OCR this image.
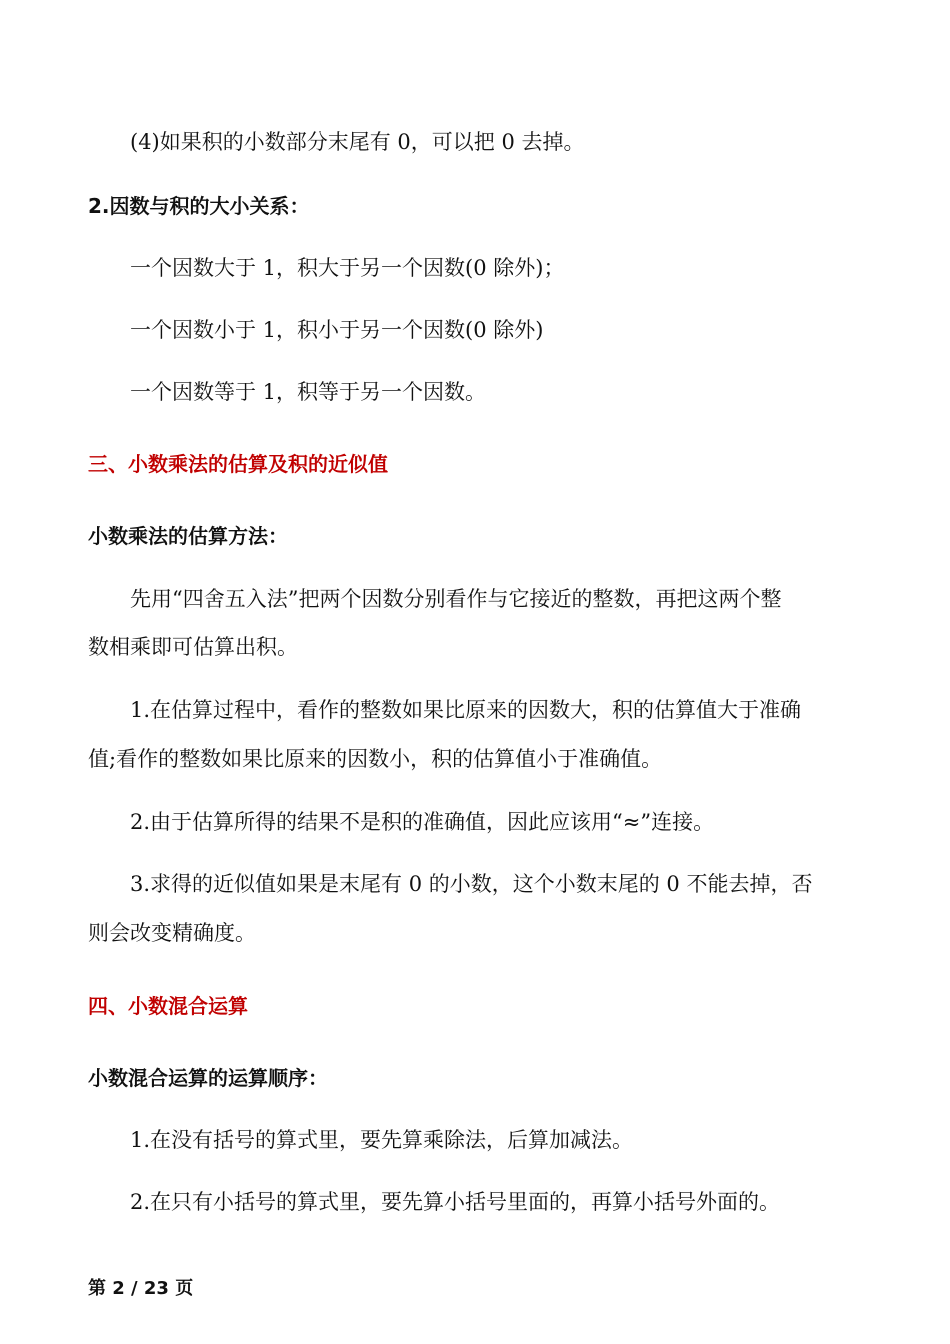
(4)如果积的小数部分末尾有 0，可以把 0 去掉。
2.因数与积的大小关系：
一个因数大于 1，积大于另一个因数(0 除外)；
一个因数小于 1，积小于另一个因数(0 除外)
一个因数等于 1，积等于另一个因数。
三、小数乘法的估算及积的近似值
小数乘法的估算方法：
先用“四舍五入法”把两个因数分别看作与它接近的整数，再把这两个整
数相乘即可估算出积。
1.在估算过程中，看作的整数如果比原来的因数大，积的估算值大于准确
值;看作的整数如果比原来的因数小，积的估算值小于准确值。
2.由于估算所得的结果不是积的准确值，因此应该用“≈”连接。
3.求得的近似值如果是末尾有 0 的小数，这个小数末尾的 0 不能去掉，否
则会改变精确度。
四、小数混合运算
小数混合运算的运算顺序：
1.在没有括号的算式里，要先算乘除法，后算加减法。
2.在只有小括号的算式里，要先算小括号里面的，再算小括号外面的。
第 2 / 23 页
